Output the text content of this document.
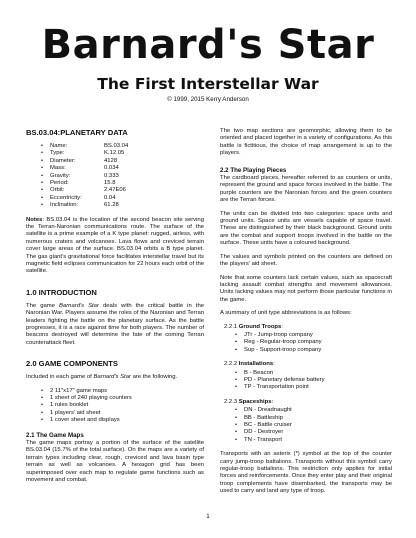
Barnard's Star
The First Interstellar War
© 1999, 2015 Kerry Anderson
BS.03.04:PLANETARY DATA
• Name:	BS.03.04
• Type:	K.12.05
• Diameter:	4128
• Mass:	0.034
• Gravity:	0.333
• Period:	15.8
• Orbit:	2.47E06
• Eccentricity:	0.04
• Inclination:	61.28

Notes: BS.03.04 is the location of the second beacon site serving the Terran-Naronian communications route. The surface of the satellite is a prime example of a K type planet: rugged, airless, with numerous craters and volcanoes. Lava flows and creviced terrain cover large areas of the surface. BS.03.04 orbits a B type planet. The gas giant's gravitational force facilitates interstellar travel but its magnetic field eclipses communication for 22 hours each orbit of the satellite.

1.0 INTRODUCTION

The game Barnard's Star deals with the critical battle in the Naronian War. Players assume the roles of the Naronian and Terran leaders fighting the battle on the planetary surface. As the battle progresses, it is a race against time for both players. The number of beacons destroyed will determine the fate of the coming Terran counterattack fleet.

2.0 GAME COMPONENTS

Included in each game of Barnard's Star are the following.

• 2 11"x17" game maps
• 1 sheet of 240 playing counters
• 1 rules booklet
• 1 players' aid sheet
• 1 cover sheet and displays
2.1 The Game Maps

The game maps portray a portion of the surface of the satellite BS.03.04 (15.7% of the total surface). On the maps are a variety of terrain types including clear, rough, creviced and lava basin type terrain as well as volcanoes. A hexagon grid has been superimposed over each map to regulate game functions such as movement and combat.

The two map sections are geomorphic, allowing them to be oriented and placed together in a variety of configurations. As this battle is fictitious, the choice of map arrangement is up to the players.

2.2 The Playing Pieces

The cardboard pieces, hereafter referred to as counters or units, represent the ground and space forces involved in the battle. The purple counters are the Naronian forces and the green counters are the Terran forces.

The units can be divided into two categories: space units and ground units. Space units are vessels capable of space travel. These are distinguished by their black background. Ground units are the combat and support troops involved in the battle on the surface. These units have a coloured background.

The values and symbols printed on the counters are defined on the players' aid sheet.

Note that some counters lack certain values, such as spacecraft lacking assault combat strengths and movement allowances. Units lacking values may not perform those particular functions in the game.

A summary of unit type abbreviations is as follows:

2.2.1 Ground Troops:
• JTr - Jump-troop company
• Reg - Regular-troop company
• Sup - Support-troop company
2.2.2 Installations:
• B - Beacon
• PD - Planetary defense battery
• TP - Transportation point
2.2.3 Spaceships:
• DN - Dreadnaught
• BB - Battleship
• BC - Battle cruiser
• DD - Destroyer
• TN - Transport

Transports with an asterix (*) symbol at the top of the counter carry jump-troop battalions. Transports without this symbol carry regular-troop battalions. This restriction only applies for initial forces and reinforcements. Once they enter play and their original troop complements have disembarked, the transports may be used to carry and land any type of troop.

1
